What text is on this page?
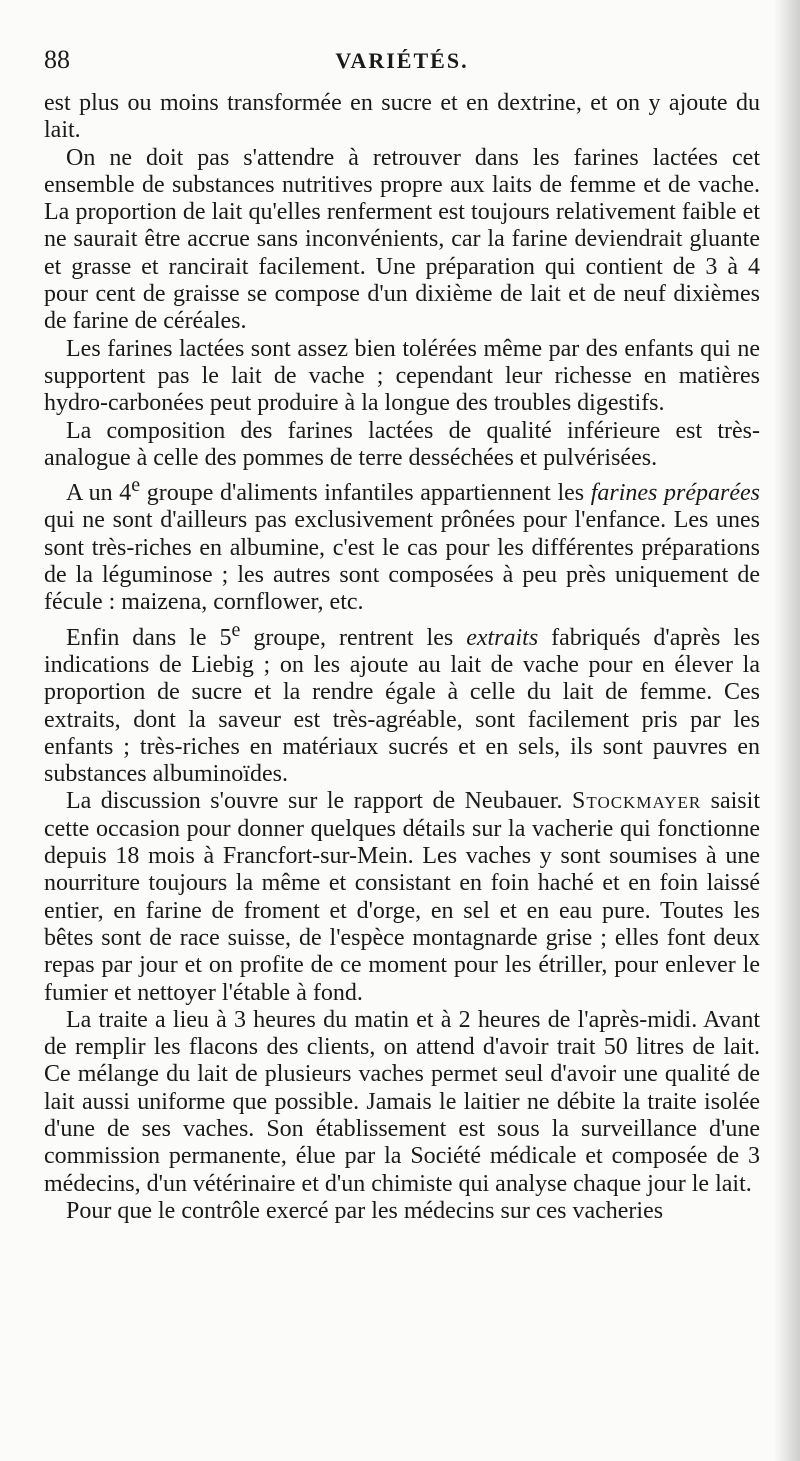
88	VARIÉTÉS.

est plus ou moins transformée en sucre et en dextrine, et on y ajoute du lait.

On ne doit pas s'attendre à retrouver dans les farines lactées cet ensemble de substances nutritives propre aux laits de femme et de vache. La proportion de lait qu'elles renferment est toujours relativement faible et ne saurait être accrue sans inconvénients, car la farine deviendrait gluante et grasse et rancirait facilement. Une préparation qui contient de 3 à 4 pour cent de graisse se compose d'un dixième de lait et de neuf dixièmes de farine de céréales.

Les farines lactées sont assez bien tolérées même par des enfants qui ne supportent pas le lait de vache ; cependant leur richesse en matières hydro-carbonées peut produire à la longue des troubles digestifs.

La composition des farines lactées de qualité inférieure est très-analogue à celle des pommes de terre desséchées et pulvérisées.

A un 4e groupe d'aliments infantiles appartiennent les farines préparées qui ne sont d'ailleurs pas exclusivement prônées pour l'enfance. Les unes sont très-riches en albumine, c'est le cas pour les différentes préparations de la léguminose ; les autres sont composées à peu près uniquement de fécule : maizena, cornflower, etc.

Enfin dans le 5e groupe, rentrent les extraits fabriqués d'après les indications de Liebig ; on les ajoute au lait de vache pour en élever la proportion de sucre et la rendre égale à celle du lait de femme. Ces extraits, dont la saveur est très-agréable, sont facilement pris par les enfants ; très-riches en matériaux sucrés et en sels, ils sont pauvres en substances albuminoïdes.

La discussion s'ouvre sur le rapport de Neubauer. Stockmayer saisit cette occasion pour donner quelques détails sur la vacherie qui fonctionne depuis 18 mois à Francfort-sur-Mein. Les vaches y sont soumises à une nourriture toujours la même et consistant en foin haché et en foin laissé entier, en farine de froment et d'orge, en sel et en eau pure. Toutes les bêtes sont de race suisse, de l'espèce montagnarde grise ; elles font deux repas par jour et on profite de ce moment pour les étriller, pour enlever le fumier et nettoyer l'étable à fond.

La traite a lieu à 3 heures du matin et à 2 heures de l'après-midi. Avant de remplir les flacons des clients, on attend d'avoir trait 50 litres de lait. Ce mélange du lait de plusieurs vaches permet seul d'avoir une qualité de lait aussi uniforme que possible. Jamais le laitier ne débite la traite isolée d'une de ses vaches. Son établissement est sous la surveillance d'une commission permanente, élue par la Société médicale et composée de 3 médecins, d'un vétérinaire et d'un chimiste qui analyse chaque jour le lait.

Pour que le contrôle exercé par les médecins sur ces vacheries
